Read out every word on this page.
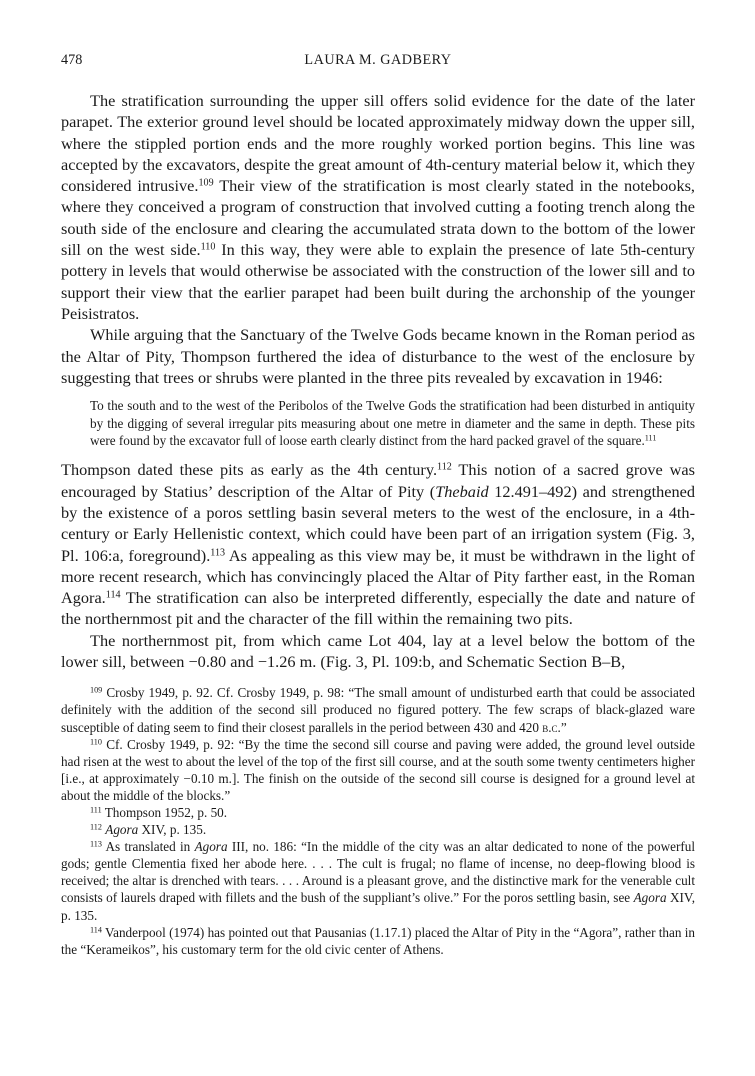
478	LAURA M. GADBERY

The stratification surrounding the upper sill offers solid evidence for the date of the later parapet. The exterior ground level should be located approximately midway down the upper sill, where the stippled portion ends and the more roughly worked portion begins. This line was accepted by the excavators, despite the great amount of 4th-century material below it, which they considered intrusive.$^{109}$ Their view of the stratification is most clearly stated in the notebooks, where they conceived a program of construction that involved cutting a footing trench along the south side of the enclosure and clearing the accumulated strata down to the bottom of the lower sill on the west side.$^{110}$ In this way, they were able to explain the presence of late 5th-century pottery in levels that would otherwise be associated with the construction of the lower sill and to support their view that the earlier parapet had been built during the archonship of the younger Peisistratos.

While arguing that the Sanctuary of the Twelve Gods became known in the Roman period as the Altar of Pity, Thompson furthered the idea of disturbance to the west of the enclosure by suggesting that trees or shrubs were planted in the three pits revealed by excavation in 1946:

To the south and to the west of the Peribolos of the Twelve Gods the stratification had been disturbed in antiquity by the digging of several irregular pits measuring about one metre in diameter and the same in depth. These pits were found by the excavator full of loose earth clearly distinct from the hard packed gravel of the square.$^{111}$

Thompson dated these pits as early as the 4th century.$^{112}$ This notion of a sacred grove was encouraged by Statius’ description of the Altar of Pity (Thebaid 12.491–492) and strengthened by the existence of a poros settling basin several meters to the west of the enclosure, in a 4th-century or Early Hellenistic context, which could have been part of an irrigation system (Fig. 3, Pl. 106:a, foreground).$^{113}$ As appealing as this view may be, it must be withdrawn in the light of more recent research, which has convincingly placed the Altar of Pity farther east, in the Roman Agora.$^{114}$ The stratification can also be interpreted differently, especially the date and nature of the northernmost pit and the character of the fill within the remaining two pits.

The northernmost pit, from which came Lot 404, lay at a level below the bottom of the lower sill, between −0.80 and −1.26 m. (Fig. 3, Pl. 109:b, and Schematic Section B–B,

$^{109}$ Crosby 1949, p. 92. Cf. Crosby 1949, p. 98: “The small amount of undisturbed earth that could be associated definitely with the addition of the second sill produced no figured pottery. The few scraps of black-glazed ware susceptible of dating seem to find their closest parallels in the period between 430 and 420 b.c.”

$^{110}$ Cf. Crosby 1949, p. 92: “By the time the second sill course and paving were added, the ground level outside had risen at the west to about the level of the top of the first sill course, and at the south some twenty centimeters higher [i.e., at approximately −0.10 m.]. The finish on the outside of the second sill course is designed for a ground level at about the middle of the blocks.”

$^{111}$ Thompson 1952, p. 50.

$^{112}$ Agora XIV, p. 135.

$^{113}$ As translated in Agora III, no. 186: “In the middle of the city was an altar dedicated to none of the powerful gods; gentle Clementia fixed her abode here. . . . The cult is frugal; no flame of incense, no deep-flowing blood is received; the altar is drenched with tears. . . . Around is a pleasant grove, and the distinctive mark for the venerable cult consists of laurels draped with fillets and the bush of the suppliant’s olive.” For the poros settling basin, see Agora XIV, p. 135.

$^{114}$ Vanderpool (1974) has pointed out that Pausanias (1.17.1) placed the Altar of Pity in the “Agora”, rather than in the “Kerameikos”, his customary term for the old civic center of Athens.
